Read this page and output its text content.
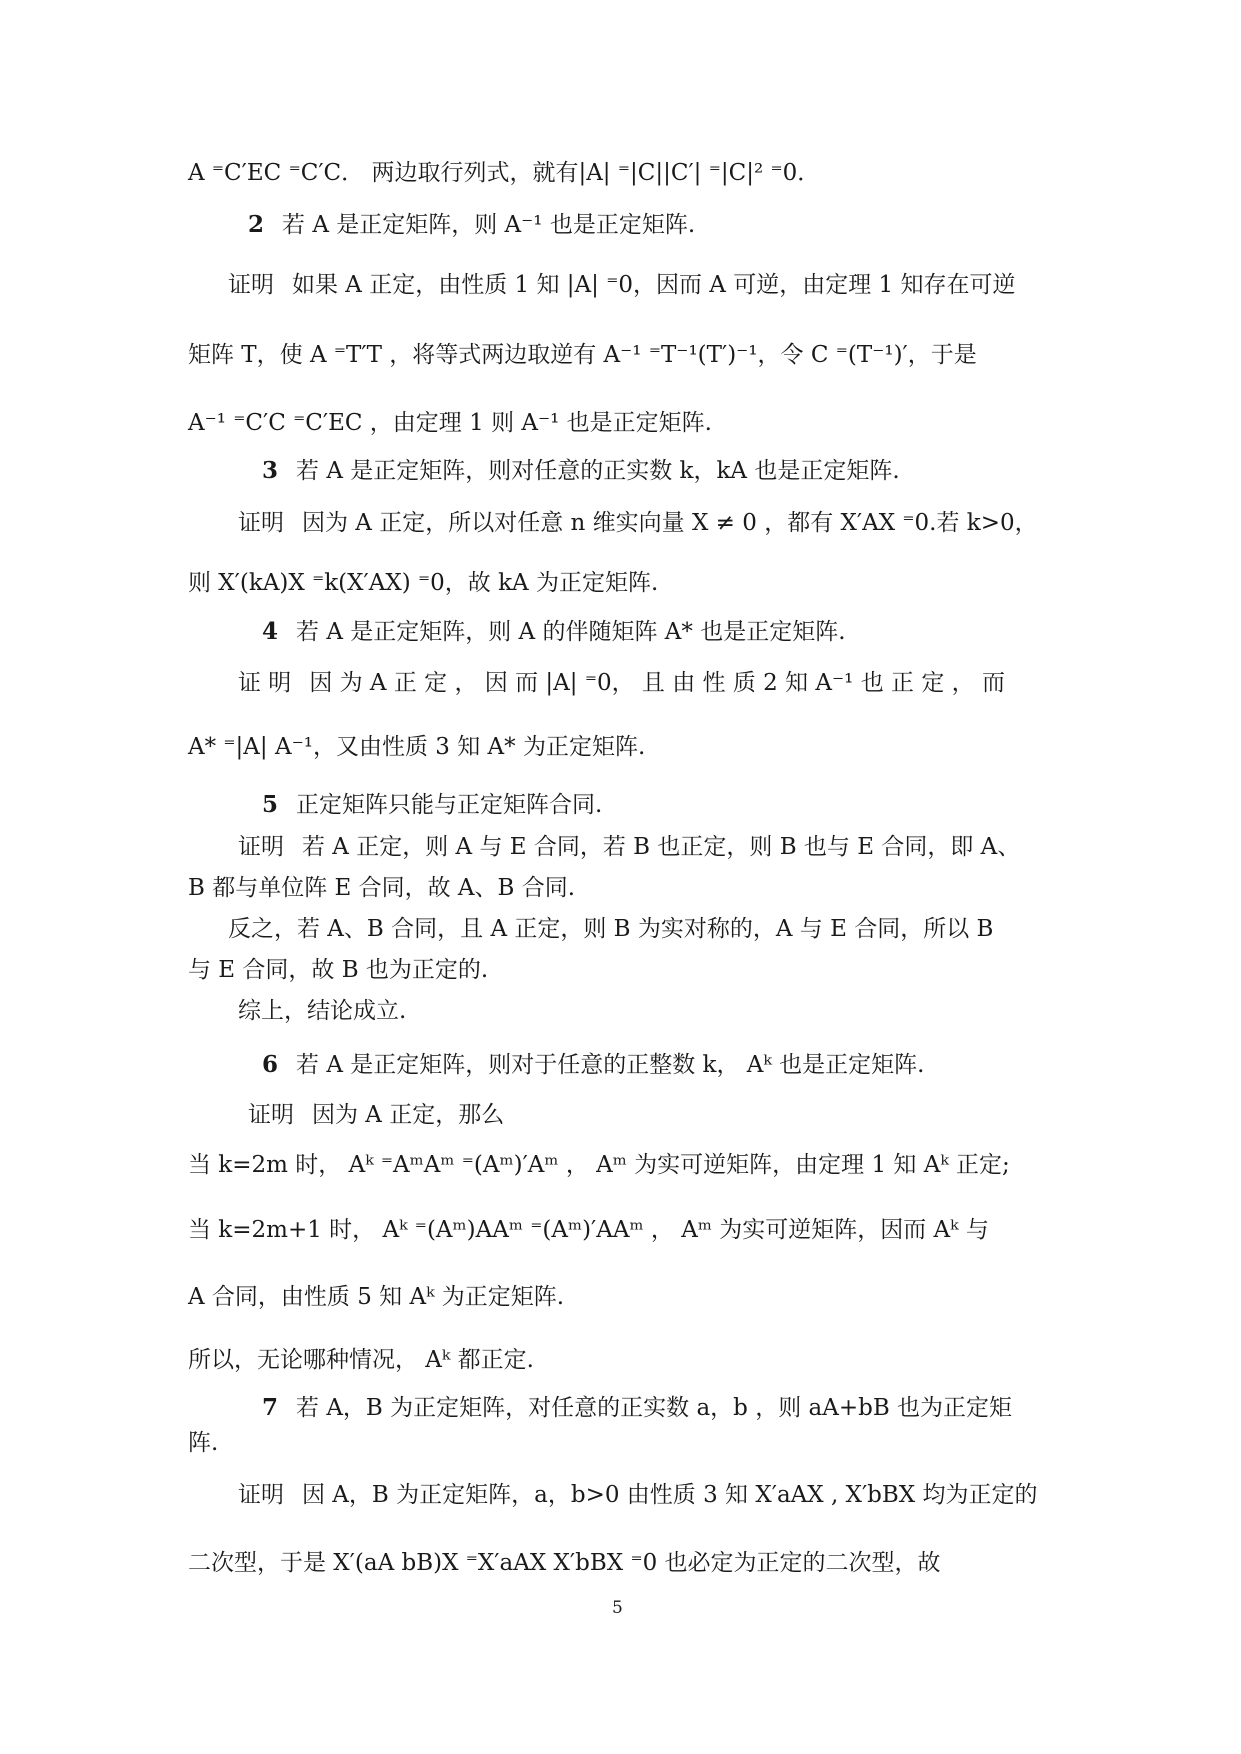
A ⁼C′EC ⁼C′C． 两边取行列式，就有|A| ⁼|C||C′| ⁼|C|² ⁼0．
2 若 A 是正定矩阵，则 A⁻¹ 也是正定矩阵.
证明 如果 A 正定，由性质 1 知 |A| ⁼0，因而 A 可逆，由定理 1 知存在可逆
矩阵 T，使 A ⁼T′T ，将等式两边取逆有 A⁻¹ ⁼T⁻¹(T′)⁻¹，令 C ⁼(T⁻¹)′，于是
A⁻¹ ⁼C′C ⁼C′EC ，由定理 1 则 A⁻¹ 也是正定矩阵.
3 若 A 是正定矩阵，则对任意的正实数 k，kA 也是正定矩阵.
证明 因为 A 正定，所以对任意 n 维实向量 X ≠ 0 ，都有 X′AX ⁼0.若 k>0，
则 X′(kA)X ⁼k(X′AX) ⁼0，故 kA 为正定矩阵.
4 若 A 是正定矩阵，则 A 的伴随矩阵 A* 也是正定矩阵.
证 明 因 为 A 正 定 ， 因 而 |A| ⁼0， 且 由 性 质 2 知 A⁻¹ 也 正 定 ， 而
A* ⁼|A| A⁻¹，又由性质 3 知 A* 为正定矩阵.
5 正定矩阵只能与正定矩阵合同.
证明 若 A 正定，则 A 与 E 合同，若 B 也正定，则 B 也与 E 合同，即 A、
B 都与单位阵 E 合同，故 A、B 合同.
反之，若 A、B 合同，且 A 正定，则 B 为实对称的，A 与 E 合同，所以 B
与 E 合同，故 B 也为正定的.
综上，结论成立.
6 若 A 是正定矩阵，则对于任意的正整数 k， Aᵏ 也是正定矩阵.
证明 因为 A 正定，那么
当 k=2m 时， Aᵏ ⁼AᵐAᵐ ⁼(Aᵐ)′Aᵐ ， Aᵐ 为实可逆矩阵，由定理 1 知 Aᵏ 正定;
当 k=2m+1 时， Aᵏ ⁼(Aᵐ)AAᵐ ⁼(Aᵐ)′AAᵐ ， Aᵐ 为实可逆矩阵，因而 Aᵏ 与
A 合同，由性质 5 知 Aᵏ 为正定矩阵.
所以，无论哪种情况， Aᵏ 都正定.
7 若 A，B 为正定矩阵，对任意的正实数 a，b ，则 aA+bB 也为正定矩
阵.
证明 因 A，B 为正定矩阵，a，b>0 由性质 3 知 X′aAX , X′bBX 均为正定的
二次型，于是 X′(aA bB)X ⁼X′aAX X′bBX ⁼0 也必定为正定的二次型，故
5
